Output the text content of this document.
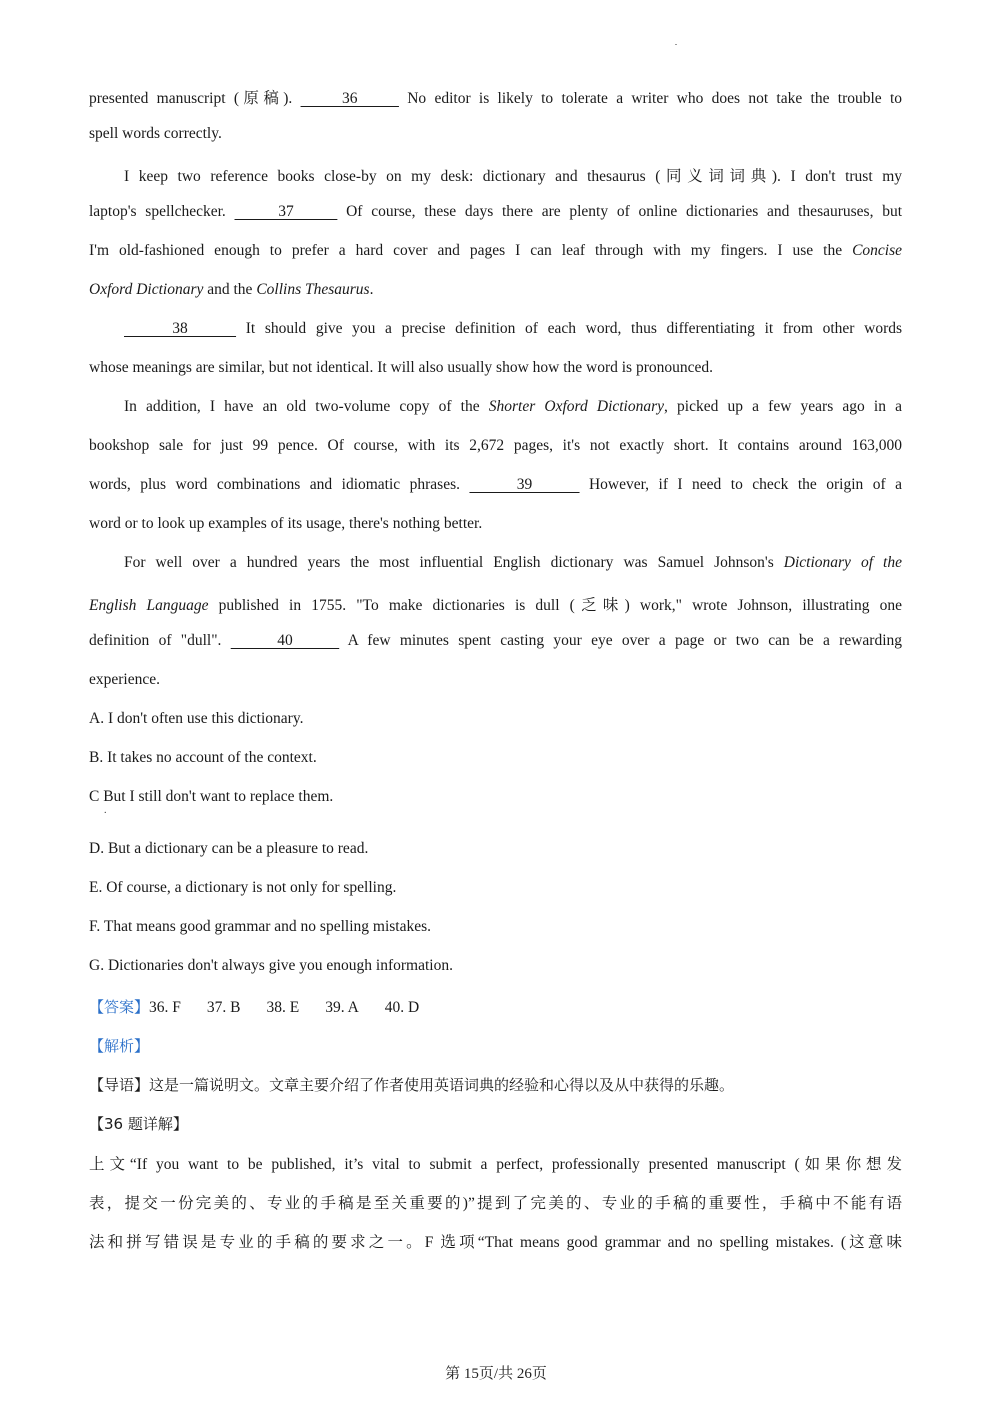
presented manuscript (原稿).      36      No editor is likely to tolerate a writer who does not take the trouble to
spell words correctly.
I keep two reference books close-by on my desk: dictionary and thesaurus (同义词词典). I don't trust my
laptop's spellchecker.      37      Of course, these days there are plenty of online dictionaries and thesauruses, but
I'm old-fashioned enough to prefer a hard cover and pages I can leaf through with my fingers. I use the Concise
Oxford Dictionary and the Collins Thesaurus.
38      It should give you a precise definition of each word, thus differentiating it from other words
whose meanings are similar, but not identical. It will also usually show how the word is pronounced.
In addition, I have an old two-volume copy of the Shorter Oxford Dictionary, picked up a few years ago in a
bookshop sale for just 99 pence. Of course, with its 2,672 pages, it's not exactly short. It contains around 163,000
words, plus word combinations and idiomatic phrases.      39      However, if I need to check the origin of a
word or to look up examples of its usage, there's nothing better.
For well over a hundred years the most influential English dictionary was Samuel Johnson's Dictionary of the
English Language published in 1755. "To make dictionaries is dull (乏味) work," wrote Johnson, illustrating one
definition of "dull".      40      A few minutes spent casting your eye over a page or two can be a rewarding
experience.
A. I don't often use this dictionary.
B. It takes no account of the context.
C But I still don't want to replace them.
.
D. But a dictionary can be a pleasure to read.
E. Of course, a dictionary is not only for spelling.
F. That means good grammar and no spelling mistakes.
G. Dictionaries don't always give you enough information.
【答案】36. F 37. B 38. E 39. A 40. D
【解析】
【导语】这是一篇说明文。文章主要介绍了作者使用英语词典的经验和心得以及从中获得的乐趣。
【36 题详解】
上文“If you want to be published, it’s vital to submit a perfect, professionally presented manuscript (如果你想发
表，提交一份完美的、专业的手稿是至关重要的)”提到了完美的、专业的手稿的重要性，手稿中不能有语
法和拼写错误是专业的手稿的要求之一。F 选项“That means good grammar and no spelling mistakes. (这意味
第 15页/共 26页
